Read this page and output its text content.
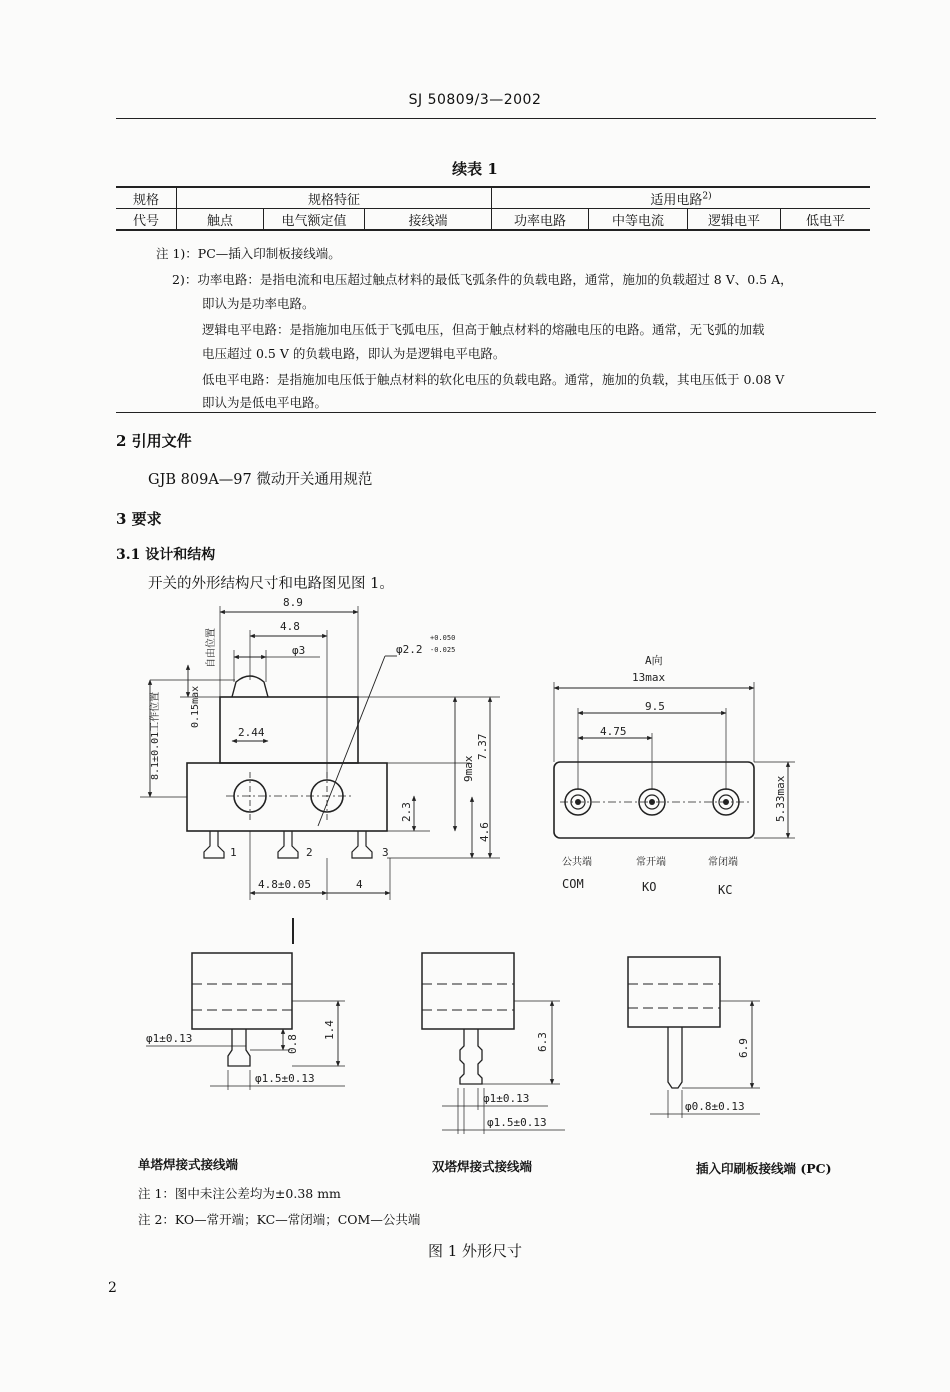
SJ 50809/3—2002
续表 1
规格	规格特征			适用电路$^{2)}$
代号	触点	电气额定值	接线端	功率电路	中等电流	逻辑电平	低电平
注 1)：PC—插入印制板接线端。
2)：功率电路：是指电流和电压超过触点材料的最低飞弧条件的负载电路，通常，施加的负载超过 8 V、0.5 A，
即认为是功率电路。
逻辑电平电路：是指施加电压低于飞弧电压，但高于触点材料的熔融电压的电路。通常，无飞弧的加载
电压超过 0.5 V 的负载电路，即认为是逻辑电平电路。
低电平电路：是指施加电压低于触点材料的软化电压的负载电路。通常，施加的负载，其电压低于 0.08 V
即认为是低电平电路。
2 引用文件
GJB 809A—97 微动开关通用规范
3 要求
3.1 设计和结构
开关的外形结构尺寸和电路图见图 1。
1	2	3
8.9
4.8
φ3	φ2.2
+0.050
-0.025
自由位置
0.15max
8.1±0.01工作位置	2.44
9max
7.37
2.3
4.6
4.8±0.05	4
A向
13max
9.5
4.75
5.33max
公共端	常开端	常闭端
COM	KO	KC
1.4
0.8
φ1±0.13
φ1.5±0.13
6.3
φ1±0.13
φ1.5±0.13
6.9
φ0.8±0.13
单塔焊接式接线端	双塔焊接式接线端	插入印刷板接线端 (PC)
注 1：图中未注公差均为±0.38 mm
注 2：KO—常开端；KC—常闭端；COM—公共端
图 1 外形尺寸
2
